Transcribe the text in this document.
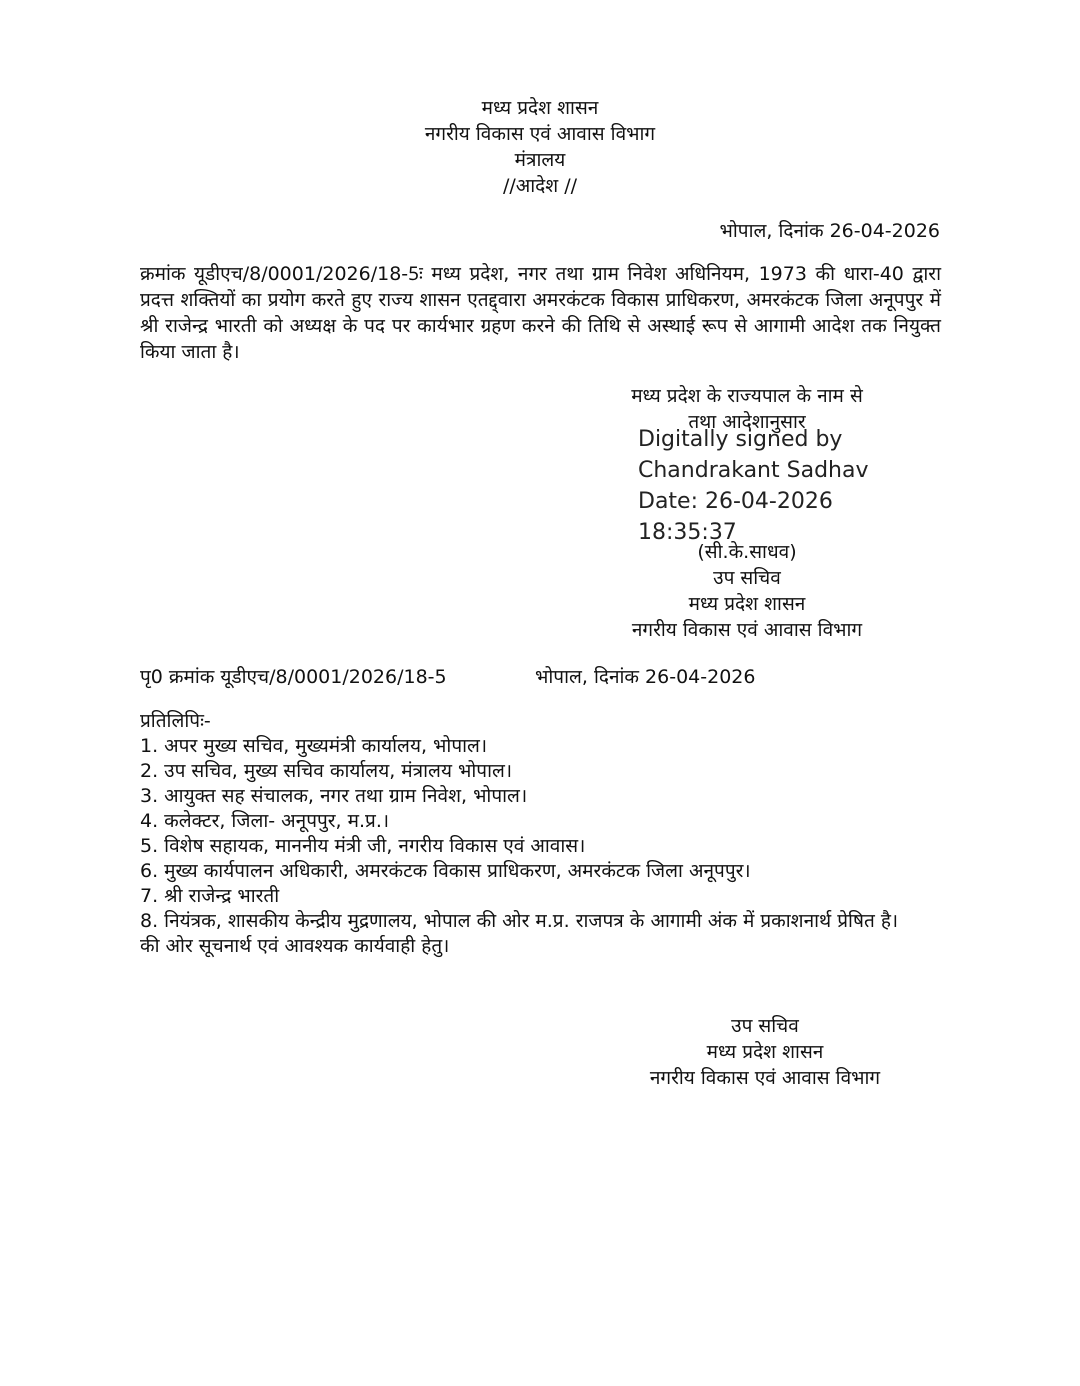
मध्य प्रदेश शासन
नगरीय विकास एवं आवास विभाग
मंत्रालय
//आदेश //
भोपाल, दिनांक 26-04-2026
क्रमांक यूडीएच/8/0001/2026/18-5ः मध्य प्रदेश, नगर तथा ग्राम निवेश अधिनियम, 1973 की धारा-40 द्वारा प्रदत्त शक्तियों का प्रयोग करते हुए राज्य शासन एतद्द्वारा अमरकंटक विकास प्राधिकरण, अमरकंटक जिला अनूपपुर में श्री राजेन्द्र भारती को अध्यक्ष के पद पर कार्यभार ग्रहण करने की तिथि से अस्थाई रूप से आगामी आदेश तक नियुक्त किया जाता है।
मध्य प्रदेश के राज्यपाल के नाम से
तथा आदेशानुसार
Digitally signed by
Chandrakant Sadhav
Date: 26-04-2026
18:35:37
(सी.के.साधव)
उप सचिव
मध्य प्रदेश शासन
नगरीय विकास एवं आवास विभाग
पृ0 क्रमांक यूडीएच/8/0001/2026/18-5	भोपाल, दिनांक 26-04-2026
प्रतिलिपिः-
1. अपर मुख्य सचिव, मुख्यमंत्री कार्यालय, भोपाल।
2. उप सचिव, मुख्य सचिव कार्यालय, मंत्रालय भोपाल।
3. आयुक्त सह संचालक, नगर तथा ग्राम निवेश, भोपाल।
4. कलेक्टर, जिला- अनूपपुर, म.प्र.।
5. विशेष सहायक, माननीय मंत्री जी, नगरीय विकास एवं आवास।
6. मुख्य कार्यपालन अधिकारी, अमरकंटक विकास प्राधिकरण, अमरकंटक जिला अनूपपुर।
7. श्री राजेन्द्र भारती
8. नियंत्रक, शासकीय केन्द्रीय मुद्रणालय, भोपाल की ओर म.प्र. राजपत्र के आगामी अंक में प्रकाशनार्थ प्रेषित है।
की ओर सूचनार्थ एवं आवश्यक कार्यवाही हेतु।
उप सचिव
मध्य प्रदेश शासन
नगरीय विकास एवं आवास विभाग
